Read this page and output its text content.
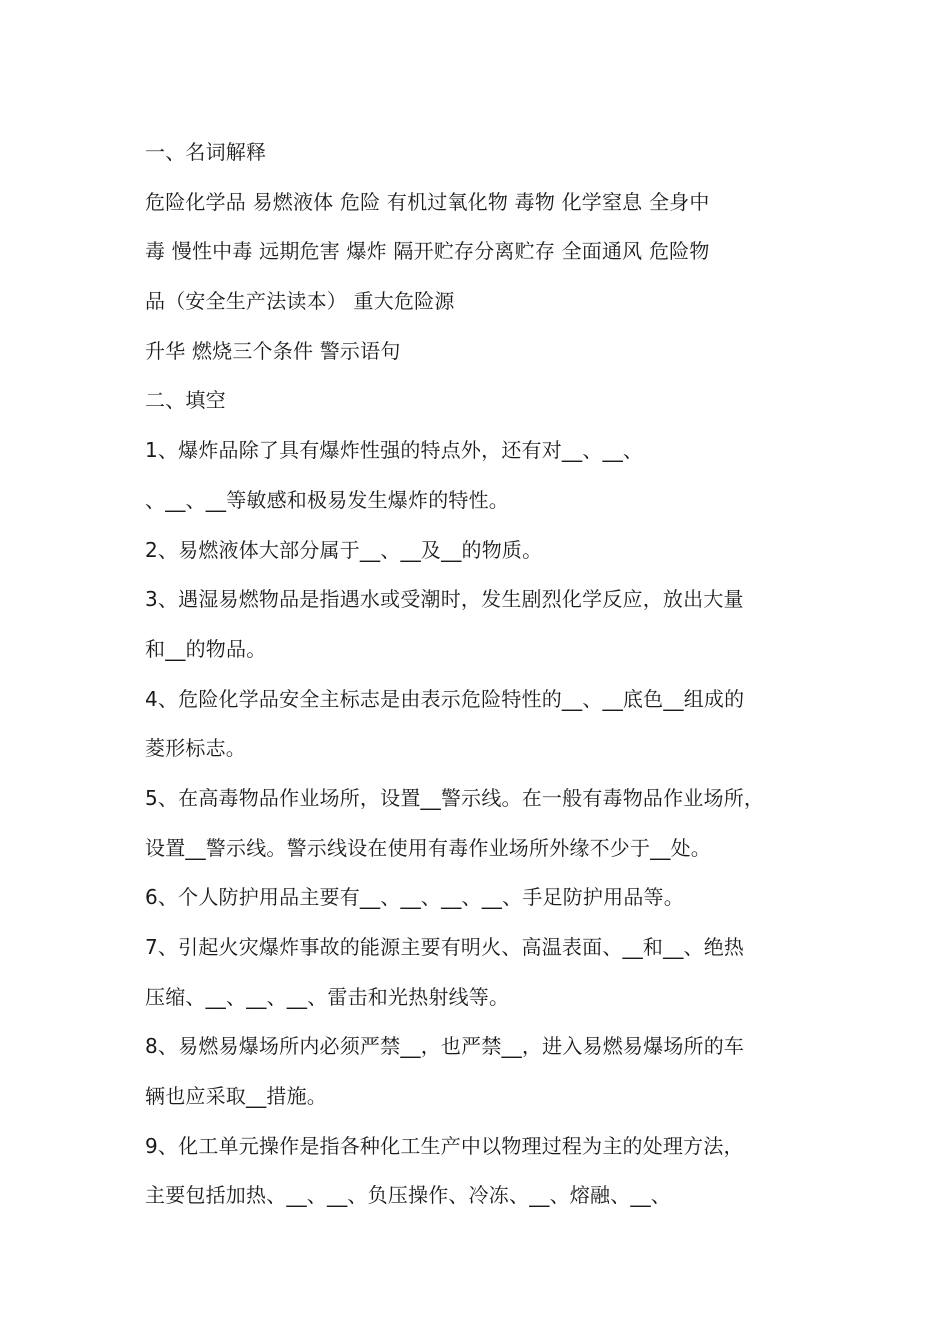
一、名词解释
危险化学品 易燃液体 危险 有机过氧化物 毒物 化学窒息 全身中
毒 慢性中毒 远期危害 爆炸 隔开贮存分离贮存 全面通风 危险物
品（安全生产法读本） 重大危险源
升华 燃烧三个条件 警示语句
二、填空
1、爆炸品除了具有爆炸性强的特点外，还有对__、__、
、__、__等敏感和极易发生爆炸的特性。
2、易燃液体大部分属于__、__及__的物质。
3、遇湿易燃物品是指遇水或受潮时，发生剧烈化学反应，放出大量
和__的物品。
4、危险化学品安全主标志是由表示危险特性的__、__底色__组成的
菱形标志。
5、在高毒物品作业场所，设置__警示线。在一般有毒物品作业场所，
设置__警示线。警示线设在使用有毒作业场所外缘不少于__处。
6、个人防护用品主要有__、__、__、__、手足防护用品等。
7、引起火灾爆炸事故的能源主要有明火、高温表面、__和__、绝热
压缩、__、__、__、雷击和光热射线等。
8、易燃易爆场所内必须严禁__，也严禁__，进入易燃易爆场所的车
辆也应采取__措施。
9、化工单元操作是指各种化工生产中以物理过程为主的处理方法，
主要包括加热、__、__、负压操作、冷冻、__、熔融、__、
